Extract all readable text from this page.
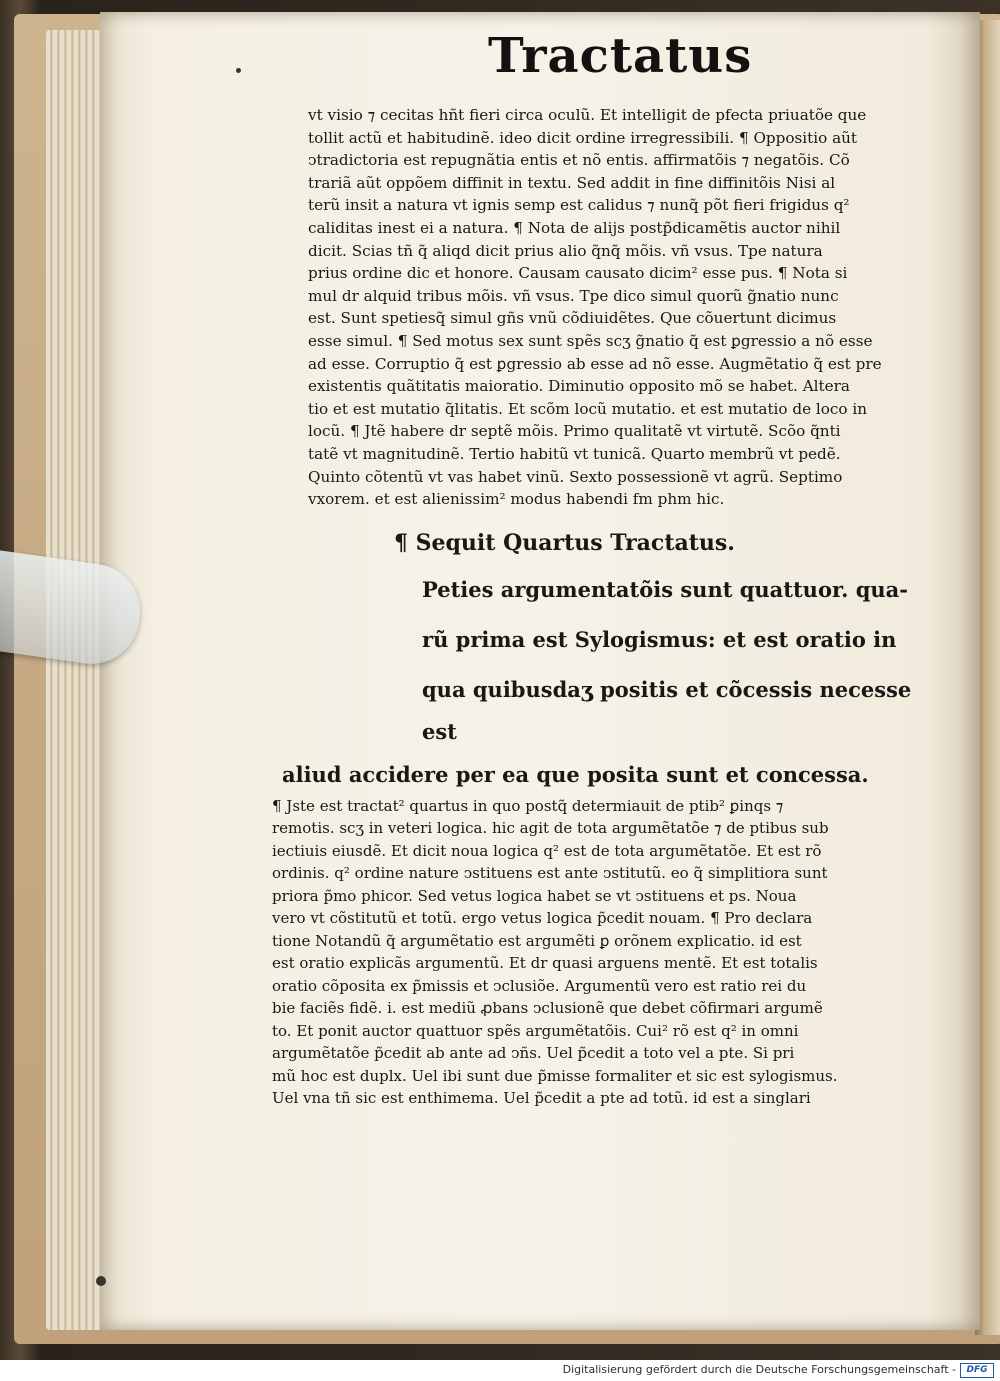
Tractatus

vt visio ⁊ cecitas hñt fieri circa oculũ. Et intelligit de pfecta priuatõe que

tollit actũ et habitudinẽ. ideo dicit ordine irregressibili. ¶ Oppositio aũt

ↄtradictoria est repugnãtia entis et nõ entis. affirmatõis ⁊ negatõis. Cõ

trariã aũt oppõem diffinit in textu. Sed addit in fine diffinitõis Nisi al

terũ insit a natura vt ignis semp est calidus ⁊ nunq̃ põt fieri frigidus q²

caliditas inest ei a natura. ¶ Nota de alijs postp̃dicamẽtis auctor nihil

dicit. Scias tñ q̃ aliqd dicit prius alio q̃nq̃ mõis. vñ vsus. Tpe natura

prius ordine dic et honore. Causam causato dicim² esse pus. ¶ Nota si

mul dr alquid tribus mõis. vñ vsus. Tpe dico simul quorũ g̃natio nunc

est. Sunt spetiesq̃ simul gñs vnũ cõdiuidẽtes. Que cõuertunt dicimus

esse simul. ¶ Sed motus sex sunt spẽs scʒ g̃natio q̃ est ꝑgressio a nõ esse

ad esse. Corruptio q̃ est ꝑgressio ab esse ad nõ esse. Augmẽtatio q̃ est pre

existentis quãtitatis maioratio. Diminutio opposito mõ se habet. Altera

tio et est mutatio q̃litatis. Et scõm locũ mutatio. et est mutatio de loco in

locũ. ¶ Jtẽ habere dr septẽ mõis. Primo qualitatẽ vt virtutẽ. Scõo q̃nti

tatẽ vt magnitudinẽ. Tertio habitũ vt tunicã. Quarto membrũ vt pedẽ.

Quinto cõtentũ vt vas habet vinũ. Sexto possessionẽ vt agrũ. Septimo

vxorem. et est alienissim² modus habendi fm phm hic.

¶ Sequit Quartus Tractatus.

Peties argumentatõis sunt quattuor. qua-

rũ prima est Sylogismus: et est oratio in

qua quibusdaʒ positis et cõcessis necesse est

aliud accidere per ea que posita sunt et concessa.

¶ Jste est tractat² quartus in quo postq̃ determiauit de ptib² ꝑinqs ⁊

remotis. scʒ in veteri logica. hic agit de tota argumẽtatõe ⁊ de ptibus sub

iectiuis eiusdẽ. Et dicit noua logica q² est de tota argumẽtatõe. Et est rõ

ordinis. q² ordine nature ↄstituens est ante ↄstitutũ. eo q̃ simplitiora sunt

priora p̃mo phicor. Sed vetus logica habet se vt ↄstituens et ps. Noua

vero vt cõstitutũ et totũ. ergo vetus logica p̃cedit nouam. ¶ Pro declara

tione Notandũ q̃ argumẽtatio est argumẽti ꝑ orõnem explicatio. id est

est oratio explicãs argumentũ. Et dr quasi arguens mentẽ. Et est totalis

oratio cõposita ex p̃missis et ↄclusiõe. Argumentũ vero est ratio rei du

bie faciẽs fidẽ. i. est mediũ ꝓbans ↄclusionẽ que debet cõfirmari argumẽ

to. Et ponit auctor quattuor spẽs argumẽtatõis. Cui² rõ est q² in omni

argumẽtatõe p̃cedit ab ante ad ↄñs. Uel p̃cedit a toto vel a pte. Si pri

mũ hoc est duplx. Uel ibi sunt due p̃misse formaliter et sic est sylogismus.

Uel vna tñ sic est enthimema. Uel p̃cedit a pte ad totũ. id est a singlari

Digitalisierung gefördert durch die Deutsche Forschungsgemeinschaft -	DFG
